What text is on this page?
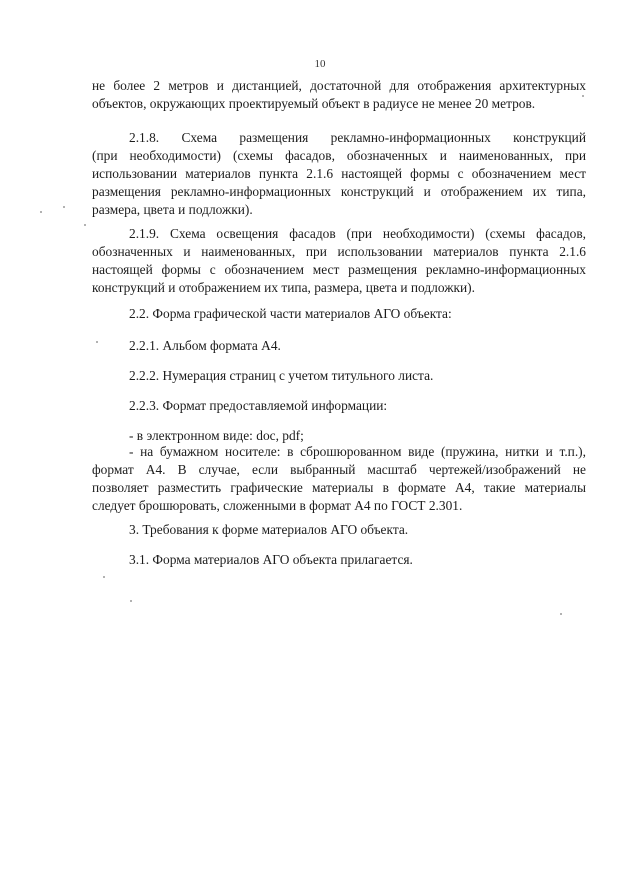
10
не более 2 метров и дистанцией, достаточной для отображения архитектурных
объектов, окружающих проектируемый объект в радиусе не менее 20 метров.
2.1.8. Схема размещения рекламно-информационных конструкций
(при необходимости) (схемы фасадов, обозначенных и наименованных, при
использовании материалов пункта 2.1.6 настоящей формы с обозначением мест
размещения рекламно-информационных конструкций и отображением их типа,
размера, цвета и подложки).
2.1.9. Схема освещения фасадов (при необходимости) (схемы фасадов,
обозначенных и наименованных, при использовании материалов пункта 2.1.6
настоящей формы с обозначением мест размещения рекламно-информационных
конструкций и отображением их типа, размера, цвета и подложки).
2.2. Форма графической части материалов АГО объекта:
2.2.1. Альбом формата А4.
2.2.2. Нумерация страниц с учетом титульного листа.
2.2.3. Формат предоставляемой информации:
- в электронном виде: doc, pdf;
- на бумажном носителе: в сброшюрованном виде (пружина, нитки и т.п.),
формат А4. В случае, если выбранный масштаб чертежей/изображений не
позволяет разместить графические материалы в формате А4, такие материалы
следует брошюровать, сложенными в формат А4 по ГОСТ 2.301.
3. Требования к форме материалов АГО объекта.
3.1. Форма материалов АГО объекта прилагается.
